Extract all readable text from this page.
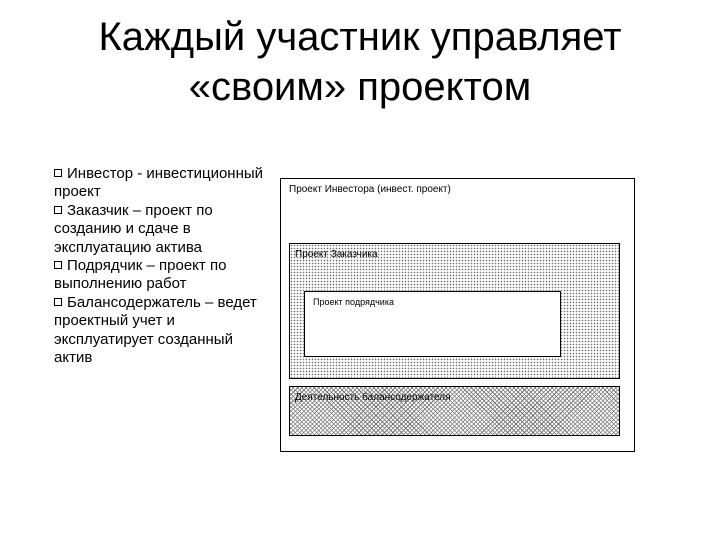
Каждый участник управляет
«своим» проектом
Инвестор - инвестиционный проект
Заказчик – проект по созданию и сдаче в эксплуатацию актива
Подрядчик – проект по выполнению работ
Балансодержатель – ведет проектный учет и эксплуатирует созданный актив
Проект Инвестора (инвест. проект)
Проект Заказчика
Проект подрядчика
Деятельность балансодержателя
